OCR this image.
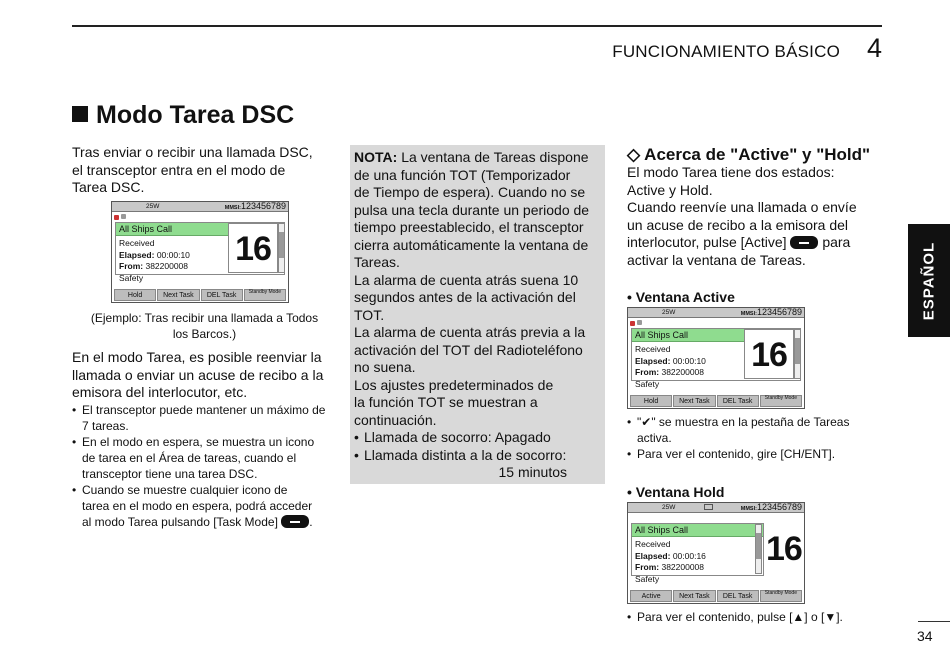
FUNCIONAMIENTO BÁSICO 4
Modo Tarea DSC
Tras enviar o recibir una llamada DSC,
el transceptor entra en el modo de
Tarea DSC.
25W	MMSI:123456789
All Ships Call
Received
Elapsed: 00:00:10
From: 382200008
Safety
16
Hold	Next Task	DEL Task	Standby Mode
(Ejemplo: Tras recibir una llamada a Todos
los Barcos.)
En el modo Tarea, es posible reenviar la
llamada o enviar un acuse de recibo a la
emisora del interlocutor, etc.
• El transceptor puede mantener un máximo de
7 tareas.
• En el modo en espera, se muestra un icono
de tarea en el Área de tareas, cuando el
transceptor tiene una tarea DSC.
• Cuando se muestre cualquier icono de
tarea en el modo en espera, podrá acceder
al modo Tarea pulsando [Task Mode]	.
NOTA: La ventana de Tareas dispone
de una función TOT (Temporizador
de Tiempo de espera). Cuando no se
pulsa una tecla durante un periodo de
tiempo preestablecido, el transceptor
cierra automáticamente la ventana de
Tareas.
La alarma de cuenta atrás suena 10
segundos antes de la activación del
TOT.
La alarma de cuenta atrás previa a la
activación del TOT del Radioteléfono
no suena.
Los ajustes predeterminados de
la función TOT se muestran a
continuación.
• Llamada de socorro: Apagado
• Llamada distinta a la de socorro:
15 minutos
◇ Acerca de "Active" y "Hold"
El modo Tarea tiene dos estados:
Active y Hold.
Cuando reenvíe una llamada o envíe
un acuse de recibo a la emisora del
interlocutor, pulse [Active]	para
activar la ventana de Tareas.
• Ventana Active
25W	MMSI:123456789
All Ships Call
Received
Elapsed: 00:00:10
From: 382200008
Safety
16
Hold	Next Task	DEL Task	Standby Mode
• "✔" se muestra en la pestaña de Tareas
activa.
• Para ver el contenido, gire [CH/ENT].
• Ventana Hold
25W	MMSI:123456789
All Ships Call
Received
Elapsed: 00:00:16
From: 382200008
Safety
16
Active	Next Task	DEL Task	Standby Mode
• Para ver el contenido, pulse [▲] o [▼].
ESPAÑOL
34
